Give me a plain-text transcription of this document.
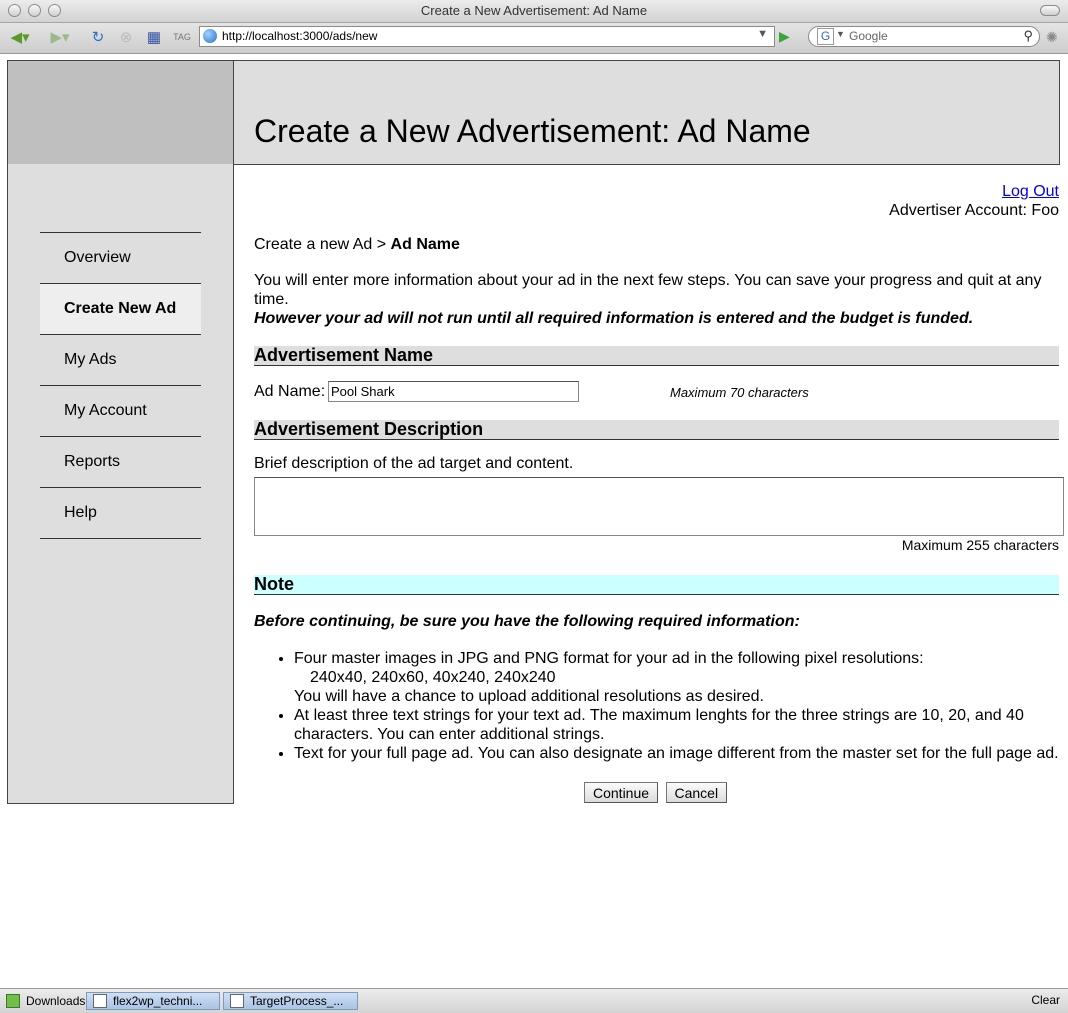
Create a New Advertisement: Ad Name
◀▾ ▶▾ ↻ ⊗ ▦	TAG	http://localhost:3000/ads/new	▼ ▶	G ▼ Google	⚲ ✺
Create a New Advertisement: Ad Name
Overview
Create New Ad
My Ads
My Account
Reports
Help
Log Out
Advertiser Account: Foo
Create a new Ad > Ad Name
You will enter more information about your ad in the next few steps. You can save your progress and quit at any time.
However your ad will not run until all required information is entered and the budget is funded.
Advertisement Name
Ad Name:
Pool Shark	Maximum 70 characters
Advertisement Description
Brief description of the ad target and content.
Maximum 255 characters
Note
Before continuing, be sure you have the following required information:
• Four master images in JPG and PNG format for your ad in the following pixel resolutions:
240x40, 240x60, 40x240, 240x240
You will have a chance to upload additional resolutions as desired.
• At least three text strings for your text ad. The maximum lenghts for the three strings are 10, 20, and 40 characters. You can enter additional strings.
• Text for your full page ad. You can also designate an image different from the master set for the full page ad.
Continue Cancel
Downloads flex2wp_techni...	TargetProcess_...	Clear
